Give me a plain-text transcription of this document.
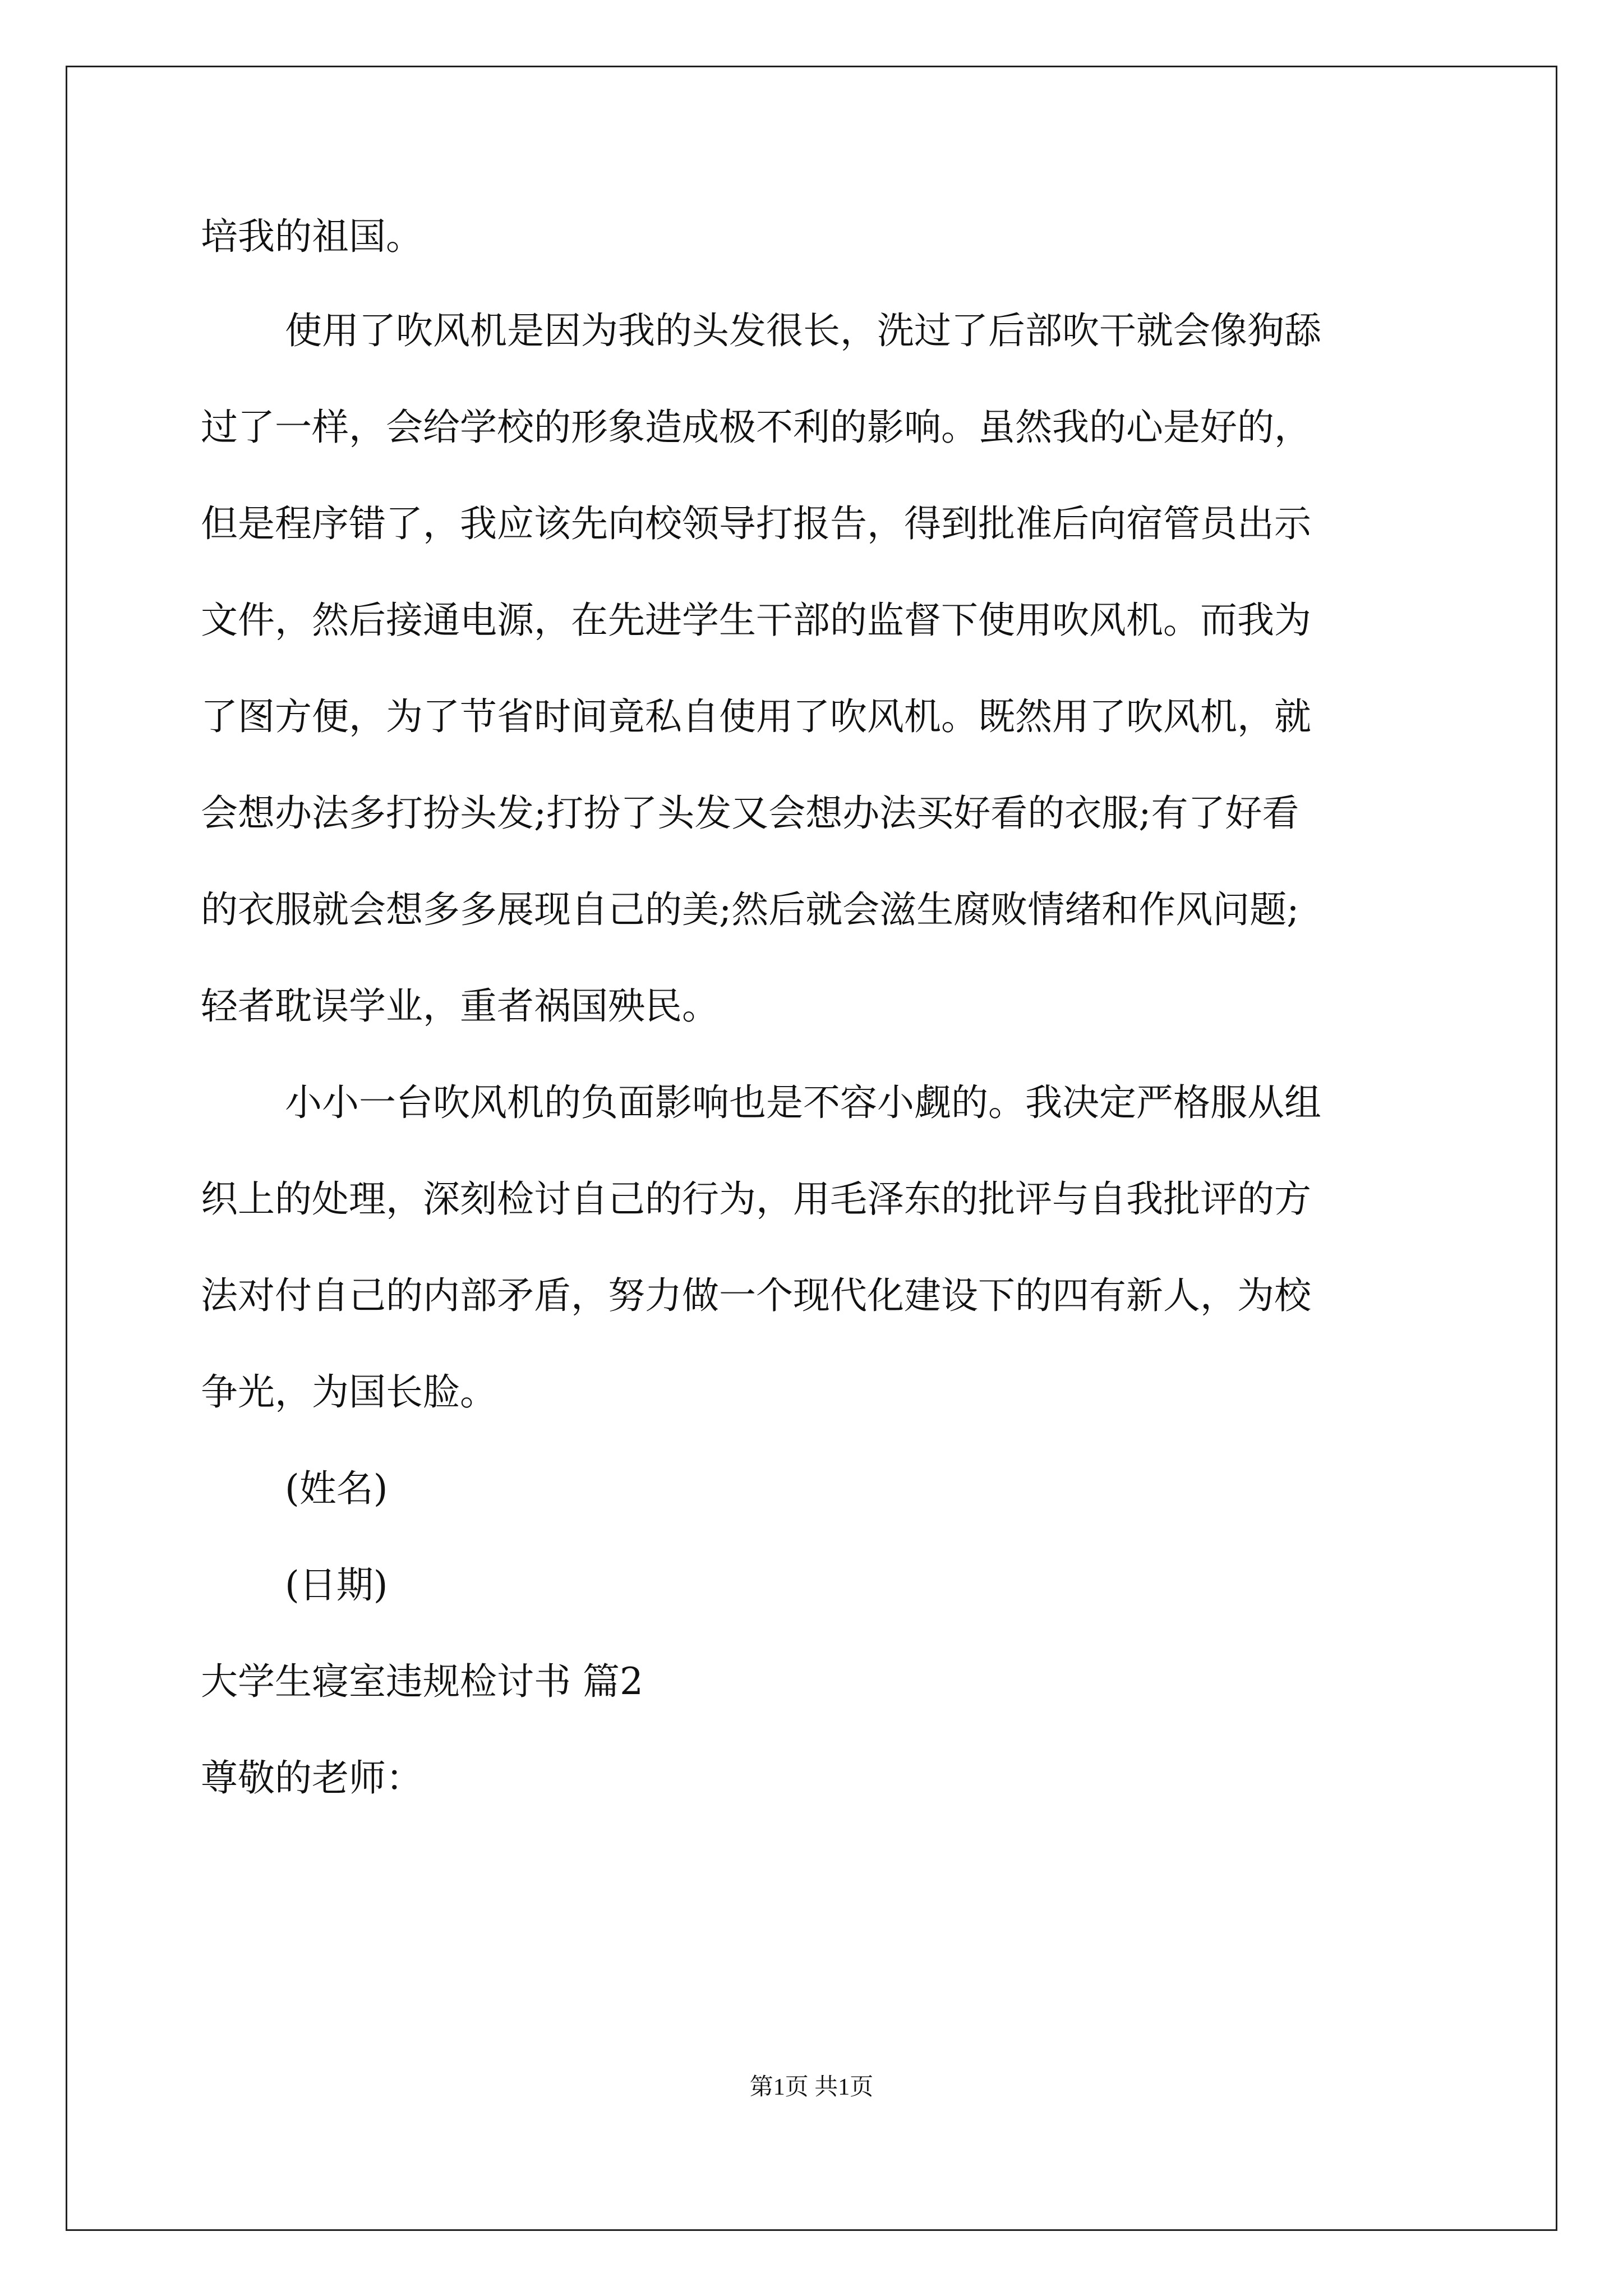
培我的祖国。
使用了吹风机是因为我的头发很长，洗过了后部吹干就会像狗舔
过了一样，会给学校的形象造成极不利的影响。虽然我的心是好的，
但是程序错了，我应该先向校领导打报告，得到批准后向宿管员出示
文件，然后接通电源，在先进学生干部的监督下使用吹风机。而我为
了图方便，为了节省时间竟私自使用了吹风机。既然用了吹风机，就
会想办法多打扮头发;打扮了头发又会想办法买好看的衣服;有了好看
的衣服就会想多多展现自己的美;然后就会滋生腐败情绪和作风问题;
轻者耽误学业，重者祸国殃民。
小小一台吹风机的负面影响也是不容小觑的。我决定严格服从组
织上的处理，深刻检讨自己的行为，用毛泽东的批评与自我批评的方
法对付自己的内部矛盾，努力做一个现代化建设下的四有新人，为校
争光，为国长脸。
(姓名)
(日期)
大学生寝室违规检讨书 篇2
尊敬的老师：
第1页 共1页
